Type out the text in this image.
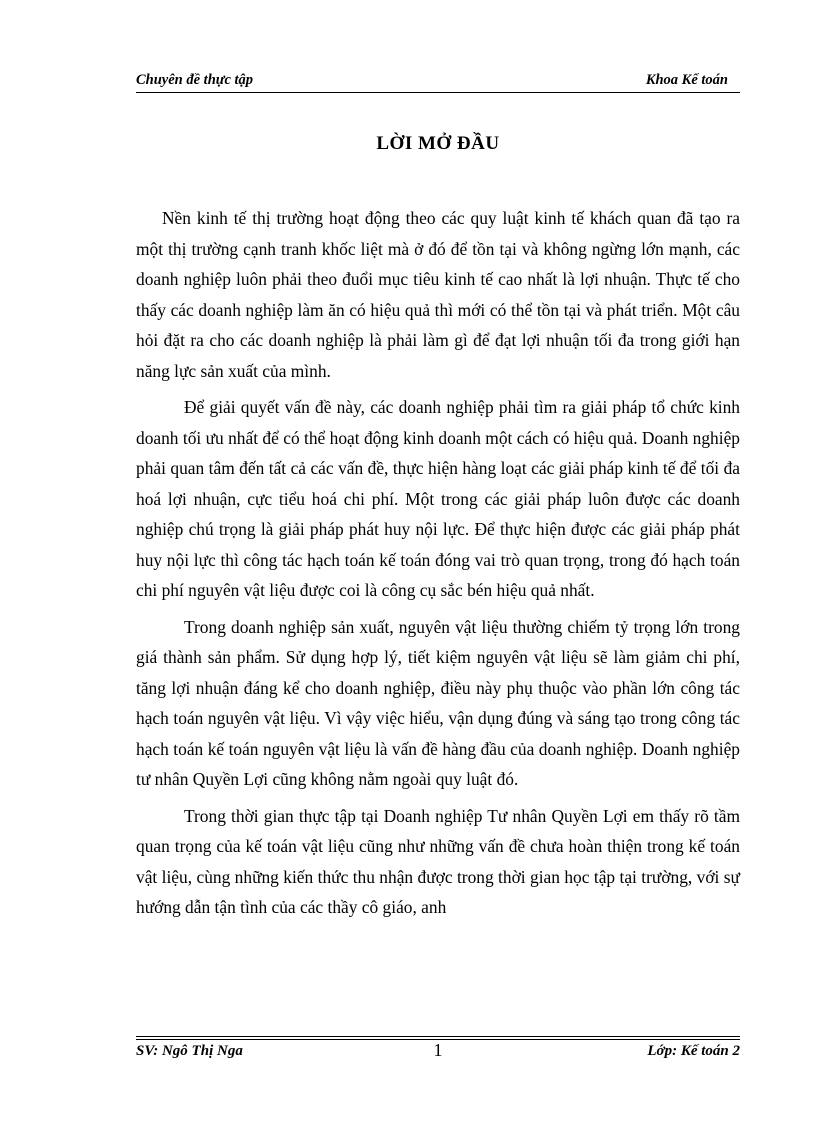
Chuyên đề thực tập	Khoa Kế toán
LỜI MỞ ĐẦU

Nền kinh tế thị trường hoạt động theo các quy luật kinh tế khách quan đã tạo ra một thị trường cạnh tranh khốc liệt mà ở đó để tồn tại và không ngừng lớn mạnh, các doanh nghiệp luôn phải theo đuổi mục tiêu kinh tế cao nhất là lợi nhuận. Thực tế cho thấy các doanh nghiệp làm ăn có hiệu quả thì mới có thể tồn tại và phát triển. Một câu hỏi đặt ra cho các doanh nghiệp là phải làm gì để đạt lợi nhuận tối đa trong giới hạn năng lực sản xuất của mình.

Để giải quyết vấn đề này, các doanh nghiệp phải tìm ra giải pháp tổ chức kinh doanh tối ưu nhất để có thể hoạt động kinh doanh một cách có hiệu quả. Doanh nghiệp phải quan tâm đến tất cả các vấn đề, thực hiện hàng loạt các giải pháp kinh tế để tối đa hoá lợi nhuận, cực tiểu hoá chi phí. Một trong các giải pháp luôn được các doanh nghiệp chú trọng là giải pháp phát huy nội lực. Để thực hiện được các giải pháp phát huy nội lực thì công tác hạch toán kế toán đóng vai trò quan trọng, trong đó hạch toán chi phí nguyên vật liệu được coi là công cụ sắc bén hiệu quả nhất.

Trong doanh nghiệp sản xuất, nguyên vật liệu thường chiếm tỷ trọng lớn trong giá thành sản phẩm. Sử dụng hợp lý, tiết kiệm nguyên vật liệu sẽ làm giảm chi phí, tăng lợi nhuận đáng kể cho doanh nghiệp, điều này phụ thuộc vào phần lớn công tác hạch toán nguyên vật liệu. Vì vậy việc hiểu, vận dụng đúng và sáng tạo trong công tác hạch toán kế toán nguyên vật liệu là vấn đề hàng đầu của doanh nghiệp. Doanh nghiệp tư nhân Quyền Lợi cũng không nằm ngoài quy luật đó.

Trong thời gian thực tập tại Doanh nghiệp Tư nhân Quyền Lợi em thấy rõ tầm quan trọng của kế toán vật liệu cũng như những vấn đề chưa hoàn thiện trong kế toán vật liệu, cùng những kiến thức thu nhận được trong thời gian học tập tại trường, với sự hướng dẫn tận tình của các thầy cô giáo, anh

SV: Ngô Thị Nga	1	Lớp: Kế toán 2
